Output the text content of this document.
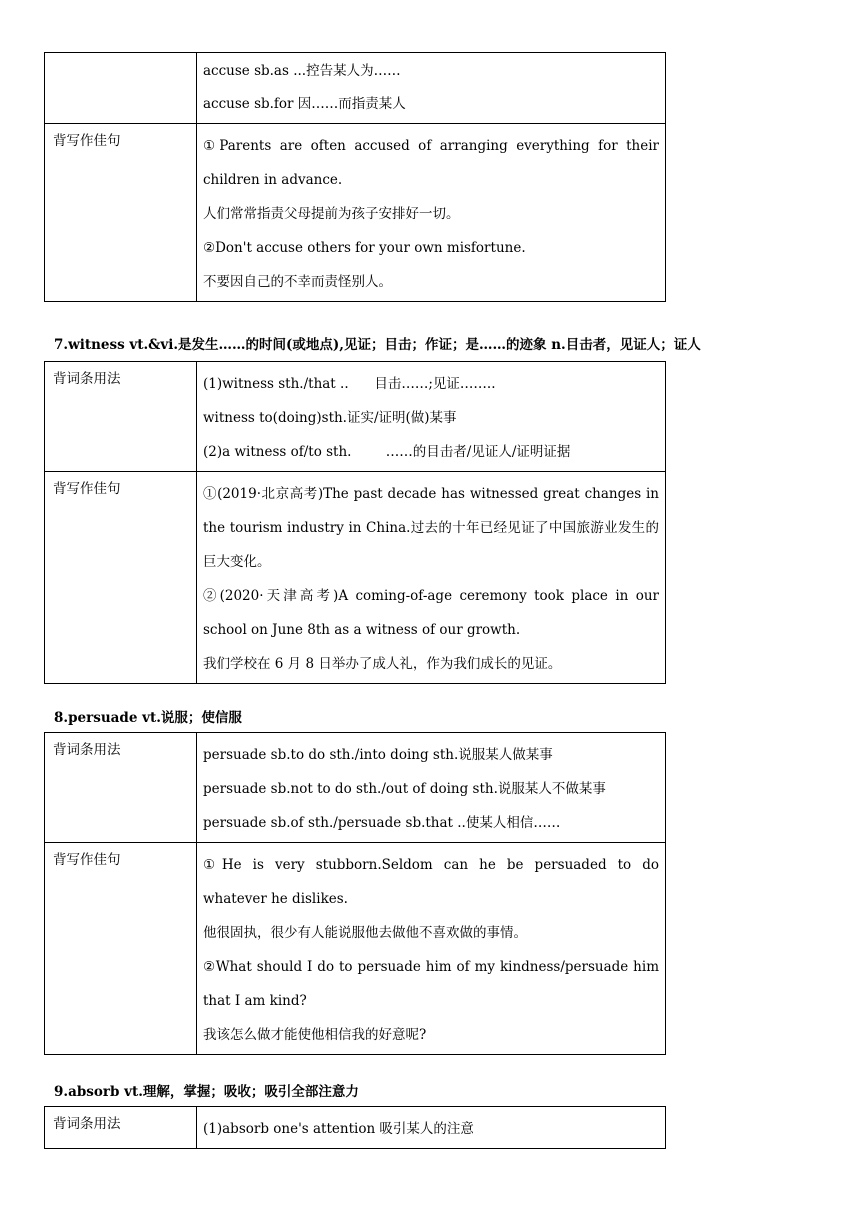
	accuse sb.as ...控告某人为……
accuse sb.for 因……而指责某人

背写作佳句	①Parents are often accused of arranging everything for their children in advance.
人们常常指责父母提前为孩子安排好一切。
②Don't accuse others for your own misfortune.
不要因自己的不幸而责怪别人。
7.witness vt.&vi.是发生……的时间(或地点),见证；目击；作证；是……的迹象 n.目击者，见证人；证人
背词条用法	(1)witness sth./that ..      目击……;见证……..
witness to(doing)sth.证实/证明(做)某事
(2)a witness of/to sth.        ……的目击者/见证人/证明证据

背写作佳句	①(2019·北京高考)The past decade has witnessed great changes in the tourism industry in China.过去的十年已经见证了中国旅游业发生的巨大变化。
②(2020·天津高考)A coming-of-age ceremony took place in our school on June 8th as a witness of our growth.
我们学校在 6 月 8 日举办了成人礼，作为我们成长的见证。
8.persuade vt.说服；使信服
背词条用法	persuade sb.to do sth./into doing sth.说服某人做某事
persuade sb.not to do sth./out of doing sth.说服某人不做某事
persuade sb.of sth./persuade sb.that ..使某人相信……

背写作佳句	①He is very stubborn.Seldom can he be persuaded to do whatever he dislikes.
他很固执，很少有人能说服他去做他不喜欢做的事情。
②What should I do to persuade him of my kindness/persuade him that I am kind?
我该怎么做才能使他相信我的好意呢?
9.absorb vt.理解，掌握；吸收；吸引全部注意力
背词条用法	(1)absorb one's attention 吸引某人的注意
